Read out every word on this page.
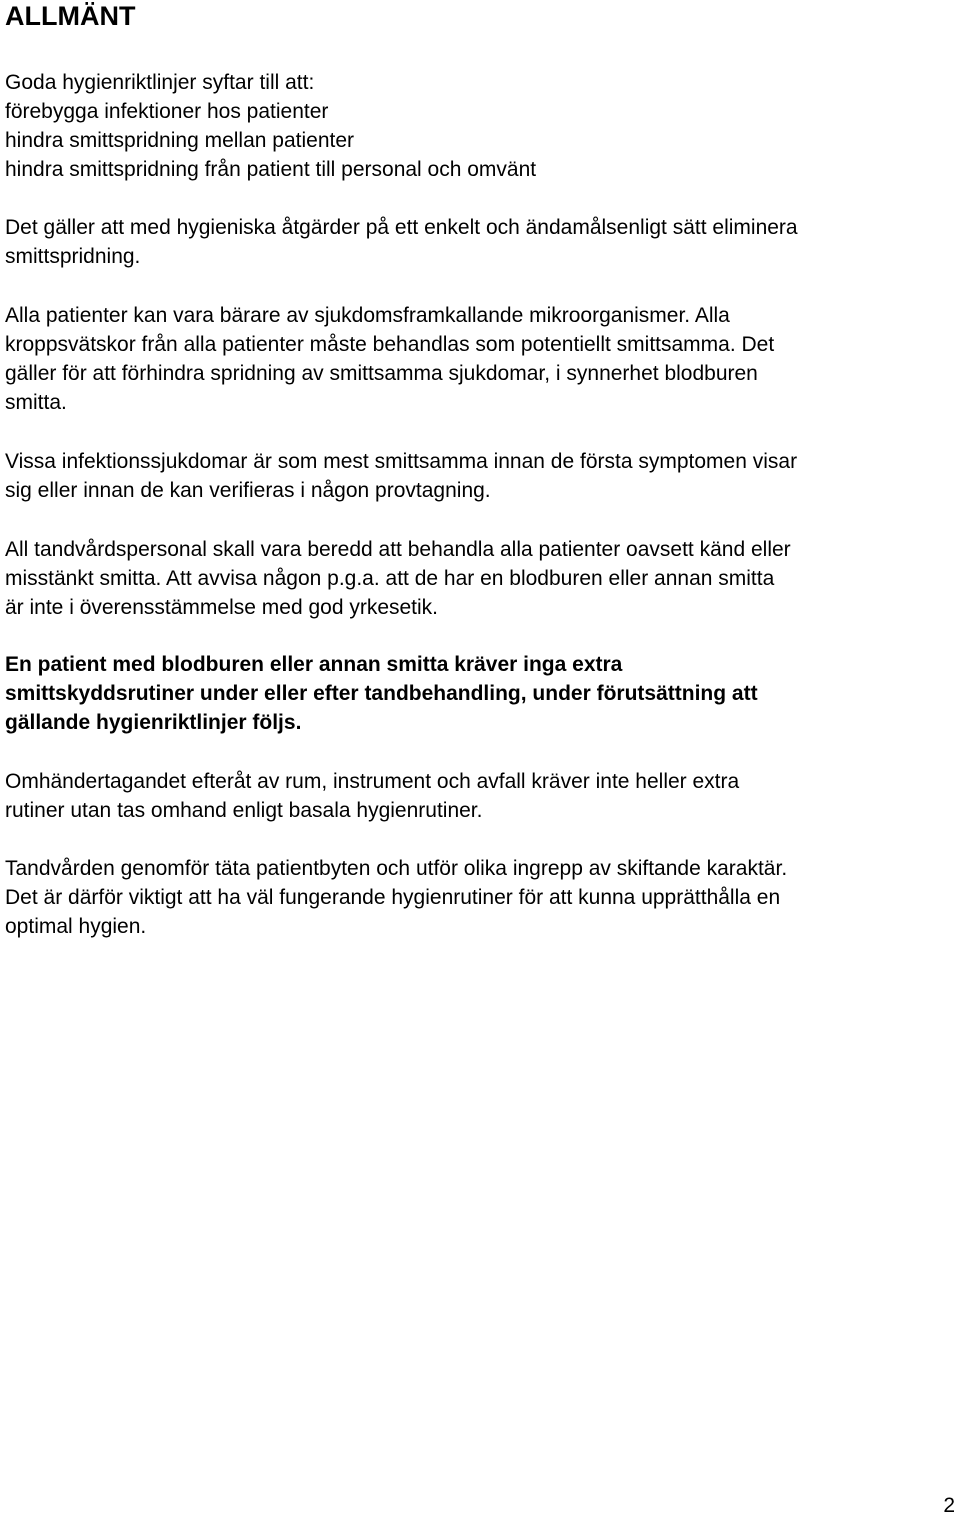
ALLMÄNT

Goda hygienriktlinjer syftar till att:
förebygga infektioner hos patienter
hindra smittspridning mellan patienter
hindra smittspridning från patient till personal och omvänt

Det gäller att med hygieniska åtgärder på ett enkelt och ändamålsenligt sätt eliminera
smittspridning.

Alla patienter kan vara bärare av sjukdomsframkallande mikroorganismer. Alla
kroppsvätskor från alla patienter måste behandlas som potentiellt smittsamma. Det
gäller för att förhindra spridning av smittsamma sjukdomar, i synnerhet blodburen
smitta.

Vissa infektionssjukdomar är som mest smittsamma innan de första symptomen visar
sig eller innan de kan verifieras i någon provtagning.

All tandvårdspersonal skall vara beredd att behandla alla patienter oavsett känd eller
misstänkt smitta. Att avvisa någon p.g.a. att de har en blodburen eller annan smitta
är inte i överensstämmelse med god yrkesetik.

En patient med blodburen eller annan smitta kräver inga extra
smittskyddsrutiner under eller efter tandbehandling, under förutsättning att
gällande hygienriktlinjer följs.

Omhändertagandet efteråt av rum, instrument och avfall kräver inte heller extra
rutiner utan tas omhand enligt basala hygienrutiner.

Tandvården genomför täta patientbyten och utför olika ingrepp av skiftande karaktär.
Det är därför viktigt att ha väl fungerande hygienrutiner för att kunna upprätthålla en
optimal hygien.

2
